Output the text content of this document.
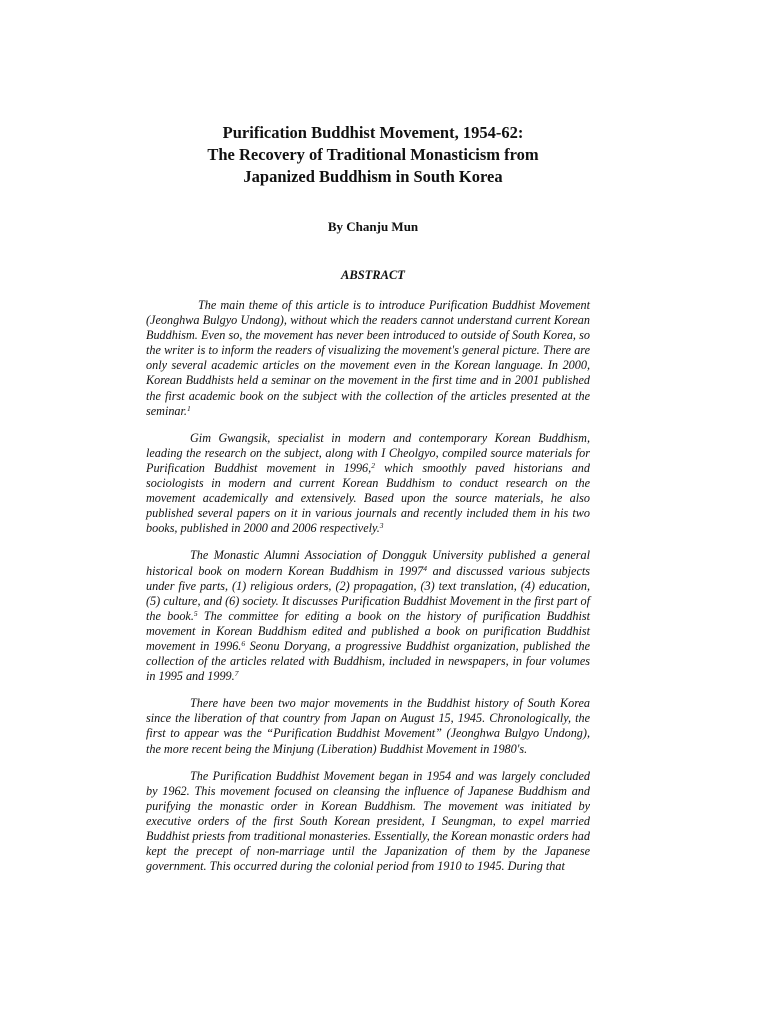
Purification Buddhist Movement, 1954-62:
The Recovery of Traditional Monasticism from
Japanized Buddhism in South Korea
By Chanju Mun
ABSTRACT

The main theme of this article is to introduce Purification Buddhist Movement (Jeonghwa Bulgyo Undong), without which the readers cannot understand current Korean Buddhism. Even so, the movement has never been introduced to outside of South Korea, so the writer is to inform the readers of visualizing the movement's general picture. There are only several academic articles on the movement even in the Korean language. In 2000, Korean Buddhists held a seminar on the movement in the first time and in 2001 published the first academic book on the subject with the collection of the articles presented at the seminar.$^1$

Gim Gwangsik, specialist in modern and contemporary Korean Buddhism, leading the research on the subject, along with I Cheolgyo, compiled source materials for Purification Buddhist movement in 1996,$^2$ which smoothly paved historians and sociologists in modern and current Korean Buddhism to conduct research on the movement academically and extensively. Based upon the source materials, he also published several papers on it in various journals and recently included them in his two books, published in 2000 and 2006 respectively.$^3$

The Monastic Alumni Association of Dongguk University published a general historical book on modern Korean Buddhism in 1997$^4$ and discussed various subjects under five parts, (1) religious orders, (2) propagation, (3) text translation, (4) education, (5) culture, and (6) society. It discusses Purification Buddhist Movement in the first part of the book.$^5$ The committee for editing a book on the history of purification Buddhist movement in Korean Buddhism edited and published a book on purification Buddhist movement in 1996.$^6$ Seonu Doryang, a progressive Buddhist organization, published the collection of the articles related with Buddhism, included in newspapers, in four volumes in 1995 and 1999.$^7$

There have been two major movements in the Buddhist history of South Korea since the liberation of that country from Japan on August 15, 1945. Chronologically, the first to appear was the “Purification Buddhist Movement” (Jeonghwa Bulgyo Undong), the more recent being the Minjung (Liberation) Buddhist Movement in 1980's.

The Purification Buddhist Movement began in 1954 and was largely concluded by 1962. This movement focused on cleansing the influence of Japanese Buddhism and purifying the monastic order in Korean Buddhism. The movement was initiated by executive orders of the first South Korean president, I Seungman, to expel married Buddhist priests from traditional monasteries. Essentially, the Korean monastic orders had kept the precept of non-marriage until the Japanization of them by the Japanese government. This occurred during the colonial period from 1910 to 1945. During that
